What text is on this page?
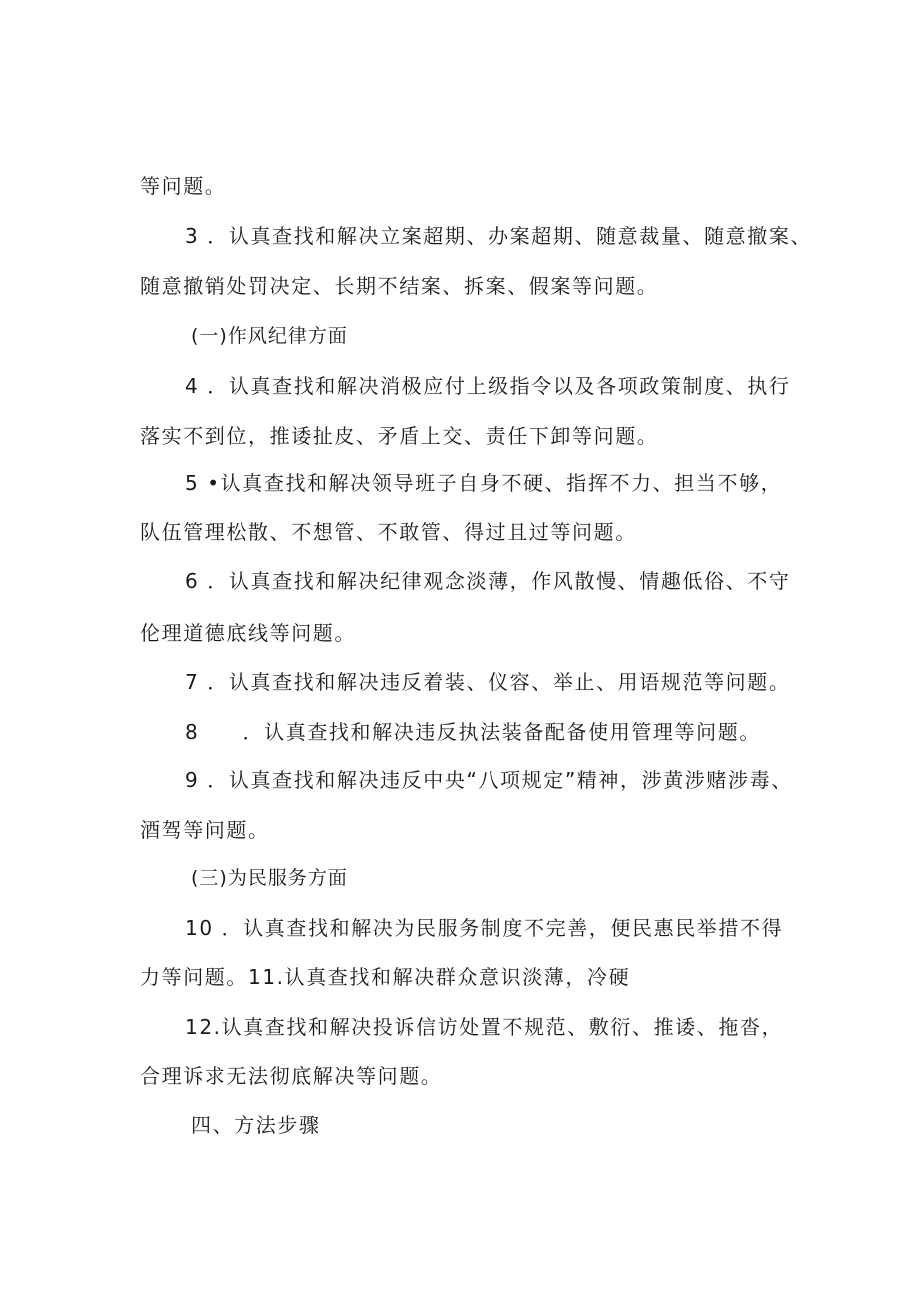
等问题。
3 ．认真查找和解决立案超期、办案超期、随意裁量、随意撤案、
随意撤销处罚决定、长期不结案、拆案、假案等问题。
(一)作风纪律方面
4 ．认真查找和解决消极应付上级指令以及各项政策制度、执行
落实不到位，推诿扯皮、矛盾上交、责任下卸等问题。
5 •认真查找和解决领导班子自身不硬、指挥不力、担当不够，
队伍管理松散、不想管、不敢管、得过且过等问题。
6 ．认真查找和解决纪律观念淡薄，作风散慢、情趣低俗、不守
伦理道德底线等问题。
7 ．认真查找和解决违反着装、仪容、举止、用语规范等问题。
8　　．认真查找和解决违反执法装备配备使用管理等问题。
9 ．认真查找和解决违反中央“八项规定”精神，涉黄涉赌涉毒、
酒驾等问题。
(三)为民服务方面
10 ．认真查找和解决为民服务制度不完善，便民惠民举措不得
力等问题。11.认真查找和解决群众意识淡薄，冷硬
12.认真查找和解决投诉信访处置不规范、敷衍、推诿、拖沓，
合理诉求无法彻底解决等问题。
四、方法步骤
